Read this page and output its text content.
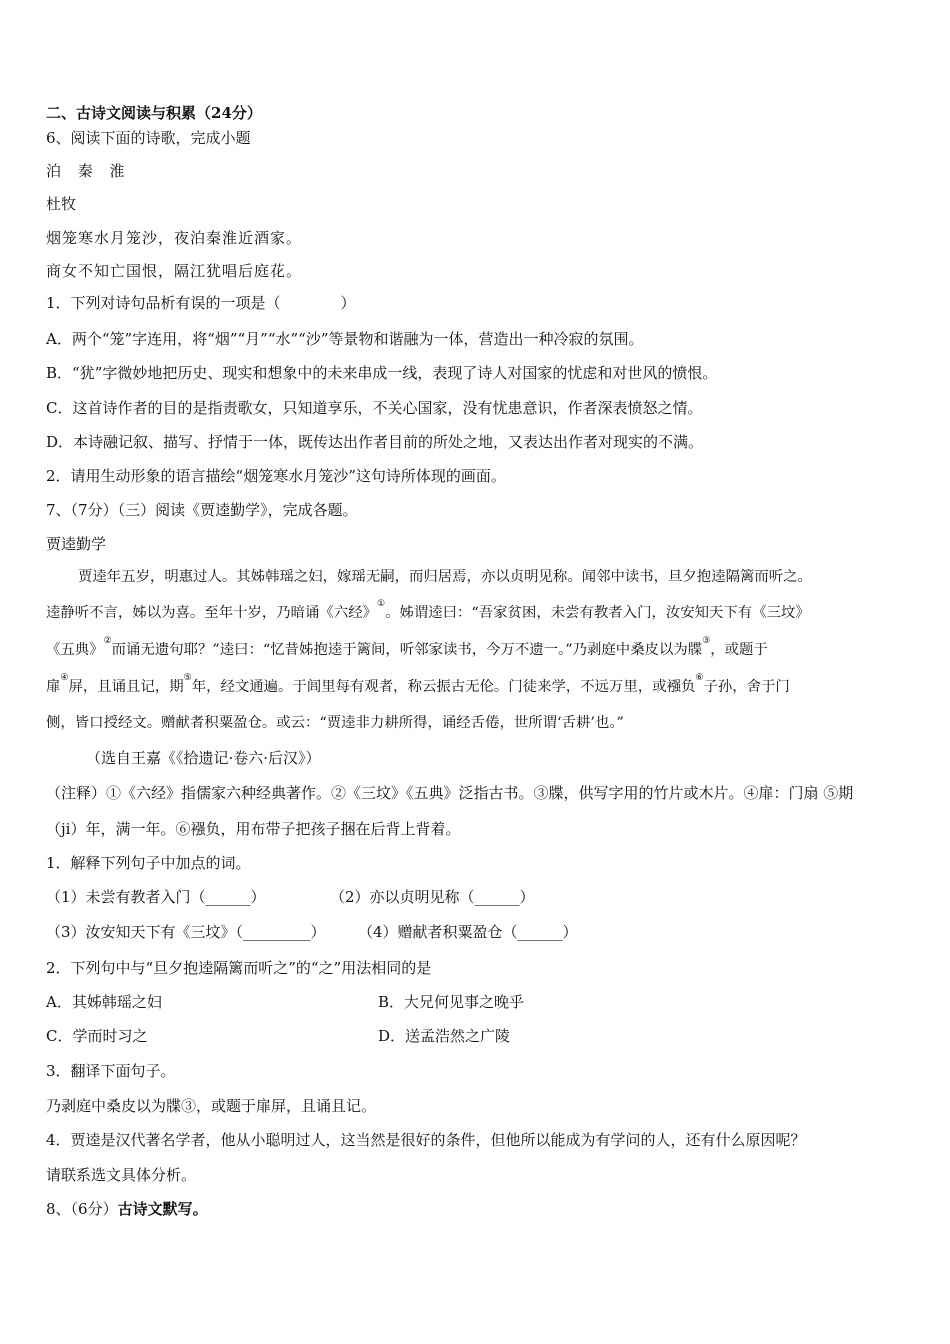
二、古诗文阅读与积累（24分）
6、阅读下面的诗歌，完成小题
泊 秦 淮
杜牧
烟笼寒水月笼沙，夜泊秦淮近酒家。
商女不知亡国恨，隔江犹唱后庭花。
1．下列对诗句品析有误的一项是（　　　　）
A．两个“笼”字连用，将“烟”“月”“水”“沙”等景物和谐融为一体，营造出一种冷寂的氛围。
B．“犹”字微妙地把历史、现实和想象中的未来串成一线，表现了诗人对国家的忧虑和对世风的愤恨。
C．这首诗作者的目的是指责歌女，只知道享乐，不关心国家，没有忧患意识，作者深表愤怒之情。
D．本诗融记叙、描写、抒情于一体，既传达出作者目前的所处之地，又表达出作者对现实的不满。
2．请用生动形象的语言描绘“烟笼寒水月笼沙”这句诗所体现的画面。
7、（7分）（三）阅读《贾逵勤学》，完成各题。
贾逵勤学
贾逵年五岁，明惠过人。其姊韩瑶之妇，嫁瑶无嗣，而归居焉，亦以贞明见称。闻邻中读书，旦夕抱逵隔篱而听之。
逵静听不言，姊以为喜。至年十岁，乃暗诵《六经》①。姊谓逵曰：“吾家贫困，未尝有教者入门，汝安知天下有《三坟》
《五典》②而诵无遗句耶？”逵曰：“忆昔姊抱逵于篱间，听邻家读书，今万不遗一。”乃剥庭中桑皮以为牒③，或题于
扉④屏，且诵且记，期⑤年，经文通遍。于闾里每有观者，称云振古无伦。门徒来学，不远万里，或襁负⑥子孙，舍于门
侧，皆口授经文。赠献者积粟盈仓。或云：“贾逵非力耕所得，诵经舌倦，世所谓‘舌耕’也。”
（选自王嘉《《拾遗记·卷六·后汉》）
（注释）①《六经》指儒家六种经典著作。②《三坟》《五典》泛指古书。③牒，供写字用的竹片或木片。④扉：门扇 ⑤期
（ji）年，满一年。⑥襁负，用布带子把孩子捆在后背上背着。
1．解释下列句子中加点的词。
（1）未尝有教者入门（______）	（2）亦以贞明见称（______）
（3）汝安知天下有《三坟》（_________） （4）赠献者积粟盈仓（______）
2．下列句中与“旦夕抱逵隔篱而听之”的“之”用法相同的是
A．其姊韩瑶之妇	B．大兄何见事之晚乎
C．学而时习之	D．送孟浩然之广陵
3．翻译下面句子。
乃剥庭中桑皮以为牒③，或题于扉屏，且诵且记。
4．贾逵是汉代著名学者，他从小聪明过人，这当然是很好的条件，但他所以能成为有学问的人，还有什么原因呢？
请联系选文具体分析。
8、（6分）古诗文默写。
